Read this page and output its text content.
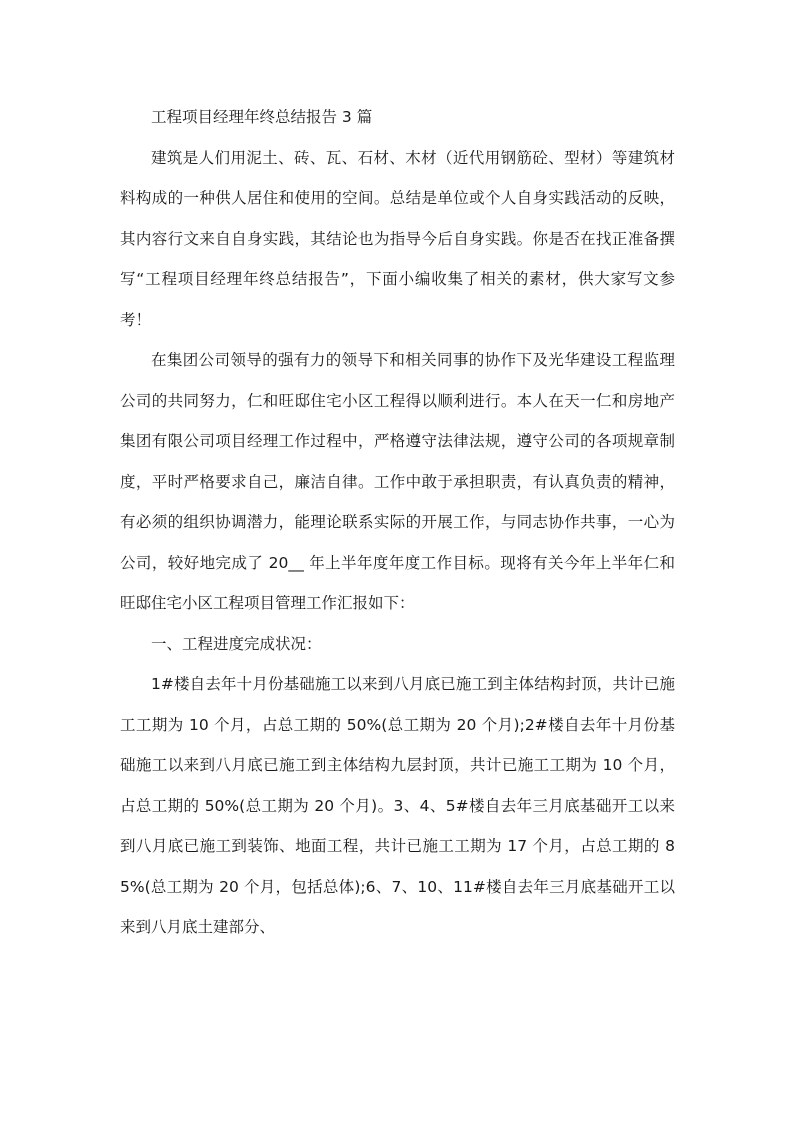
工程项目经理年终总结报告 3 篇

建筑是人们用泥土、砖、瓦、石材、木材（近代用钢筋砼、型材）等建筑材料构成的一种供人居住和使用的空间。总结是单位或个人自身实践活动的反映，其内容行文来自自身实践，其结论也为指导今后自身实践。你是否在找正准备撰写“工程项目经理年终总结报告”，下面小编收集了相关的素材，供大家写文参考！

在集团公司领导的强有力的领导下和相关同事的协作下及光华建设工程监理公司的共同努力，仁和旺邸住宅小区工程得以顺利进行。本人在天一仁和房地产集团有限公司项目经理工作过程中，严格遵守法律法规，遵守公司的各项规章制度，平时严格要求自己，廉洁自律。工作中敢于承担职责，有认真负责的精神，有必须的组织协调潜力，能理论联系实际的开展工作，与同志协作共事，一心为公司，较好地完成了 20__ 年上半年度年度工作目标。现将有关今年上半年仁和旺邸住宅小区工程项目管理工作汇报如下：

一、工程进度完成状况：

1#楼自去年十月份基础施工以来到八月底已施工到主体结构封顶，共计已施工工期为 10 个月，占总工期的 50%(总工期为 20 个月);2#楼自去年十月份基础施工以来到八月底已施工到主体结构九层封顶，共计已施工工期为 10 个月，占总工期的 50%(总工期为 20 个月)。3、4、5#楼自去年三月底基础开工以来到八月底已施工到装饰、地面工程，共计已施工工期为 17 个月，占总工期的 85%(总工期为 20 个月，包括总体);6、7、10、11#楼自去年三月底基础开工以来到八月底土建部分、
